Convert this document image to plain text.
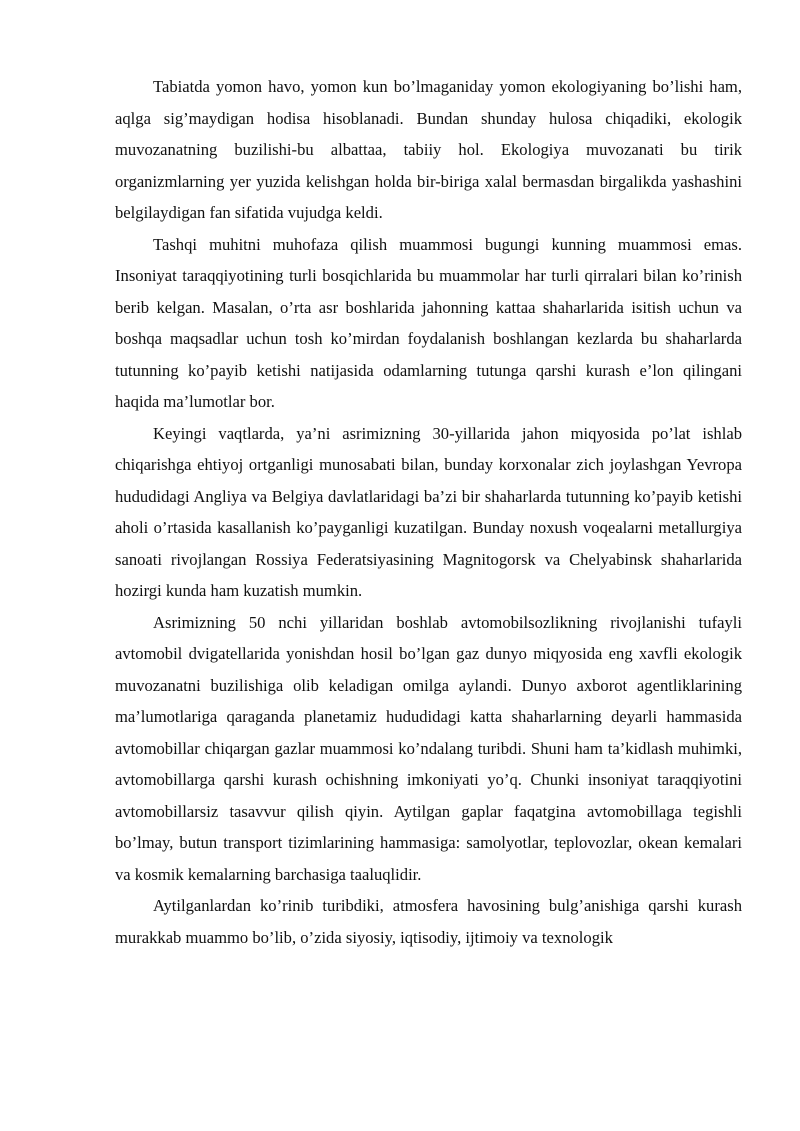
Tabiatda yomon havo, yomon kun bo’lmaganiday yomon ekologiyaning bo’lishi ham, aqlga sig’maydigan hodisa hisoblanadi. Bundan shunday hulosa chiqadiki, ekologik muvozanatning buzilishi-bu albattaa, tabiiy hol. Ekologiya muvozanati bu tirik organizmlarning yer yuzida kelishgan holda bir-biriga xalal bermasdan birgalikda yashashini belgilaydigan fan sifatida vujudga keldi.

Tashqi muhitni muhofaza qilish muammosi bugungi kunning muammosi emas. Insoniyat taraqqiyotining turli bosqichlarida bu muammolar har turli qirralari bilan ko’rinish berib kelgan. Masalan, o’rta asr boshlarida jahonning kattaa shaharlarida isitish uchun va boshqa maqsadlar uchun tosh ko’mirdan foydalanish boshlangan kezlarda bu shaharlarda tutunning ko’payib ketishi natijasida odamlarning tutunga qarshi kurash e’lon qilingani haqida ma’lumotlar bor.

Keyingi vaqtlarda, ya’ni asrimizning 30-yillarida jahon miqyosida po’lat ishlab chiqarishga ehtiyoj ortganligi munosabati bilan, bunday korxonalar zich joylashgan Yevropa hududidagi Angliya va Belgiya davlatlaridagi ba’zi bir shaharlarda tutunning ko’payib ketishi aholi o’rtasida kasallanish ko’payganligi kuzatilgan. Bunday noxush voqealarni metallurgiya sanoati rivojlangan Rossiya Federatsiyasining Magnitogorsk va Chelyabinsk shaharlarida hozirgi kunda ham kuzatish mumkin.

Asrimizning 50 nchi yillaridan boshlab avtomobilsozlikning rivojlanishi tufayli avtomobil dvigatellarida yonishdan hosil bo’lgan gaz dunyo miqyosida eng xavfli ekologik muvozanatni buzilishiga olib keladigan omilga aylandi. Dunyo axborot agentliklarining ma’lumotlariga qaraganda planetamiz hududidagi katta shaharlarning deyarli hammasida avtomobillar chiqargan gazlar muammosi ko’ndalang turibdi. Shuni ham ta’kidlash muhimki, avtomobillarga qarshi kurash ochishning imkoniyati yo’q. Chunki insoniyat taraqqiyotini avtomobillarsiz tasavvur qilish qiyin. Aytilgan gaplar faqatgina avtomobillaga tegishli bo’lmay, butun transport tizimlarining hammasiga: samolyotlar, teplovozlar, okean kemalari va kosmik kemalarning barchasiga taaluqlidir.

Aytilganlardan ko’rinib turibdiki, atmosfera havosining bulg’anishiga qarshi kurash murakkab muammo bo’lib, o’zida siyosiy, iqtisodiy, ijtimoiy va texnologik
